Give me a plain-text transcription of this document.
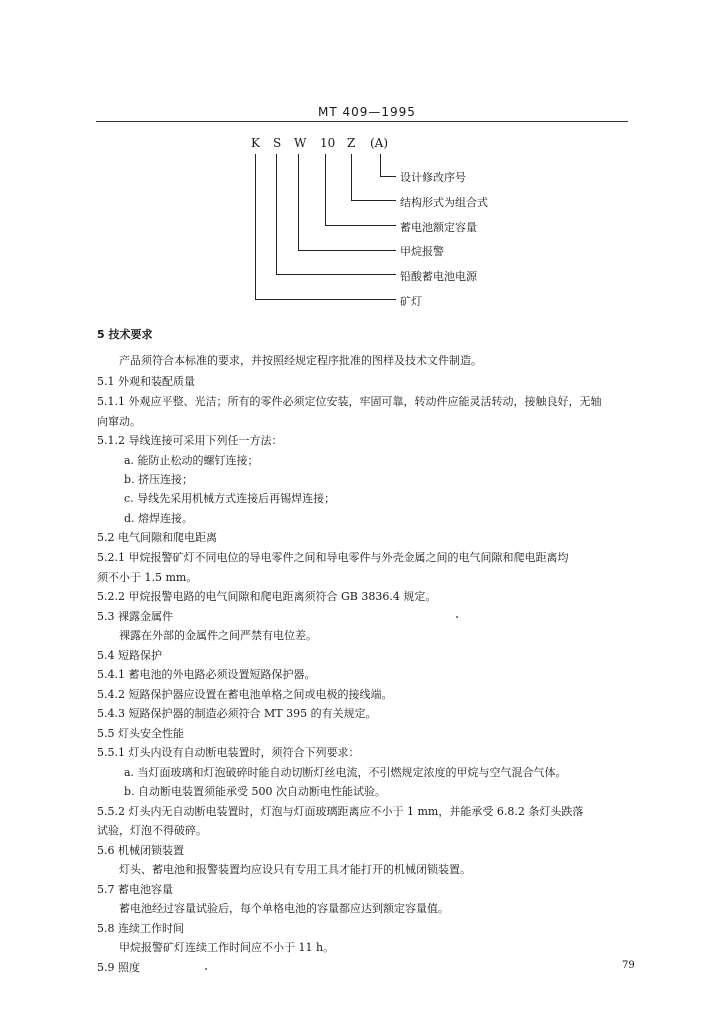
MT 409—1995
K S W 10 Z (A)
设计修改序号
结构形式为组合式
蓄电池额定容量
甲烷报警
铅酸蓄电池电源
矿灯
5 技术要求
产品须符合本标准的要求，并按照经规定程序批准的图样及技术文件制造。
5.1 外观和装配质量
5.1.1 外观应平整、光洁；所有的零件必须定位安装，牢固可靠，转动件应能灵活转动，接触良好，无轴
向窜动。
5.1.2 导线连接可采用下列任一方法：
a. 能防止松动的螺钉连接；
b. 挤压连接；
c. 导线先采用机械方式连接后再锡焊连接；
d. 熔焊连接。
5.2 电气间隙和爬电距离
5.2.1 甲烷报警矿灯不同电位的导电零件之间和导电零件与外壳金属之间的电气间隙和爬电距离均
须不小于 1.5 mm。
5.2.2 甲烷报警电路的电气间隙和爬电距离须符合 GB 3836.4 规定。
5.3 裸露金属件
裸露在外部的金属件之间严禁有电位差。
5.4 短路保护
5.4.1 蓄电池的外电路必须设置短路保护器。
5.4.2 短路保护器应设置在蓄电池单格之间或电极的接线端。
5.4.3 短路保护器的制造必须符合 MT 395 的有关规定。
5.5 灯头安全性能
5.5.1 灯头内设有自动断电装置时，须符合下列要求：
a. 当灯面玻璃和灯泡破碎时能自动切断灯丝电流，不引燃规定浓度的甲烷与空气混合气体。
b. 自动断电装置须能承受 500 次自动断电性能试验。
5.5.2 灯头内无自动断电装置时，灯泡与灯面玻璃距离应不小于 1 mm，并能承受 6.8.2 条灯头跌落
试验，灯泡不得破碎。
5.6 机械闭锁装置
灯头、蓄电池和报警装置均应设只有专用工具才能打开的机械闭锁装置。
5.7 蓄电池容量
蓄电池经过容量试验后，每个单格电池的容量都应达到额定容量值。
5.8 连续工作时间
甲烷报警矿灯连续工作时间应不小于 11 h。
5.9 照度	79
